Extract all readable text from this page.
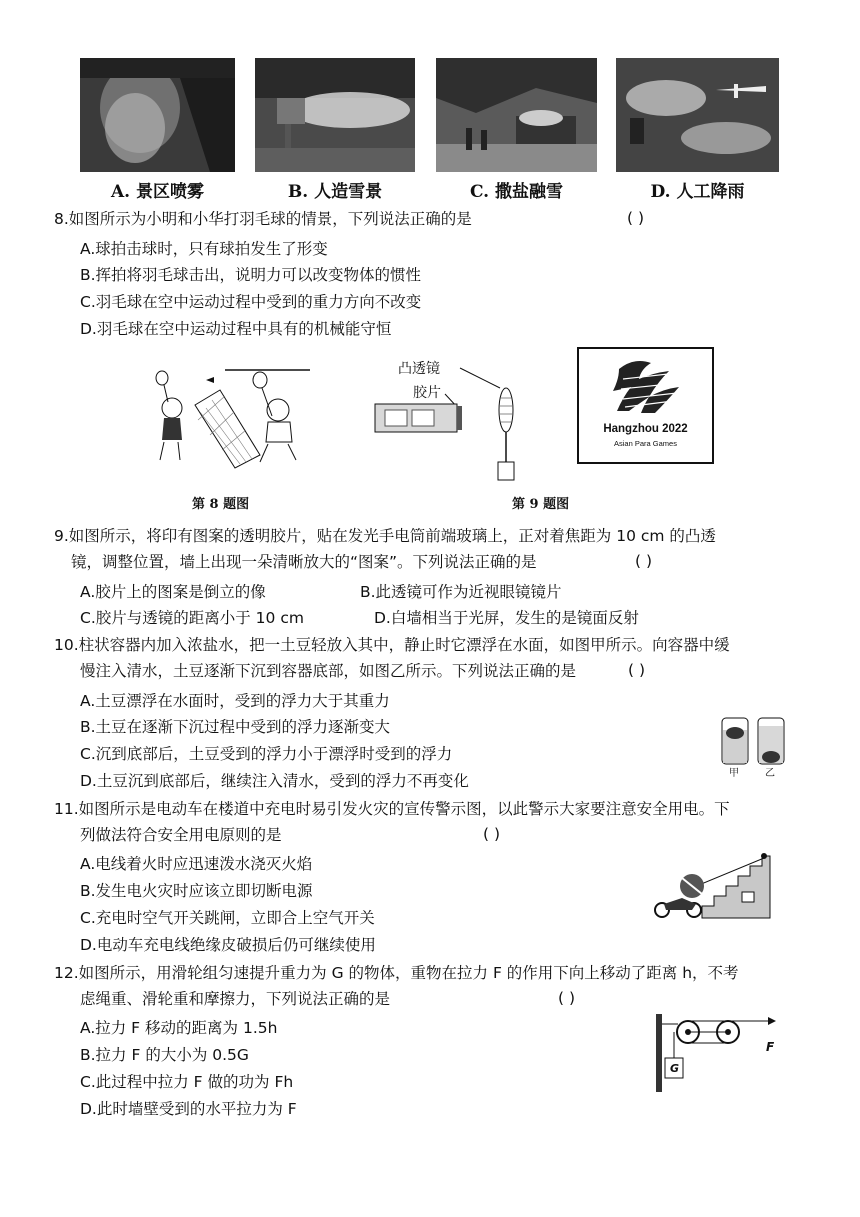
A. 景区喷雾	B. 人造雪景	C. 撒盐融雪	D. 人工降雨
8.如图所示为小明和小华打羽毛球的情景，下列说法正确的是	( )
A.球拍击球时，只有球拍发生了形变
B.挥拍将羽毛球击出，说明力可以改变物体的惯性
C.羽毛球在空中运动过程中受到的重力方向不改变
D.羽毛球在空中运动过程中具有的机械能守恒
第 8 题图
凸透镜
胶片
第 9 题图
Hangzhou 2022
Asian Para Games
9.如图所示，将印有图案的透明胶片，贴在发光手电筒前端玻璃上，正对着焦距为 10 cm 的凸透
镜，调整位置，墙上出现一朵清晰放大的“图案”。下列说法正确的是	( )
A.胶片上的图案是倒立的像	B.此透镜可作为近视眼镜镜片
C.胶片与透镜的距离小于 10 cm	D.白墙相当于光屏，发生的是镜面反射
10.柱状容器内加入浓盐水，把一土豆轻放入其中，静止时它漂浮在水面，如图甲所示。向容器中缓
慢注入清水，土豆逐渐下沉到容器底部，如图乙所示。下列说法正确的是	( )
A.土豆漂浮在水面时，受到的浮力大于其重力
B.土豆在逐渐下沉过程中受到的浮力逐渐变大
C.沉到底部后，土豆受到的浮力小于漂浮时受到的浮力
D.土豆沉到底部后，继续注入清水，受到的浮力不再变化	甲	乙
11.如图所示是电动车在楼道中充电时易引发火灾的宣传警示图，以此警示大家要注意安全用电。下
列做法符合安全用电原则的是	( )
A.电线着火时应迅速泼水浇灭火焰
B.发生电火灾时应该立即切断电源
C.充电时空气开关跳闸，立即合上空气开关
D.电动车充电线绝缘皮破损后仍可继续使用
12.如图所示，用滑轮组匀速提升重力为 G 的物体，重物在拉力 F 的作用下向上移动了距离 h，不考
虑绳重、滑轮重和摩擦力，下列说法正确的是	( )
A.拉力 F 移动的距离为 1.5h
B.拉力 F 的大小为 0.5G
C.此过程中拉力 F 做的功为 Fh
D.此时墙壁受到的水平拉力为 F
G
F
